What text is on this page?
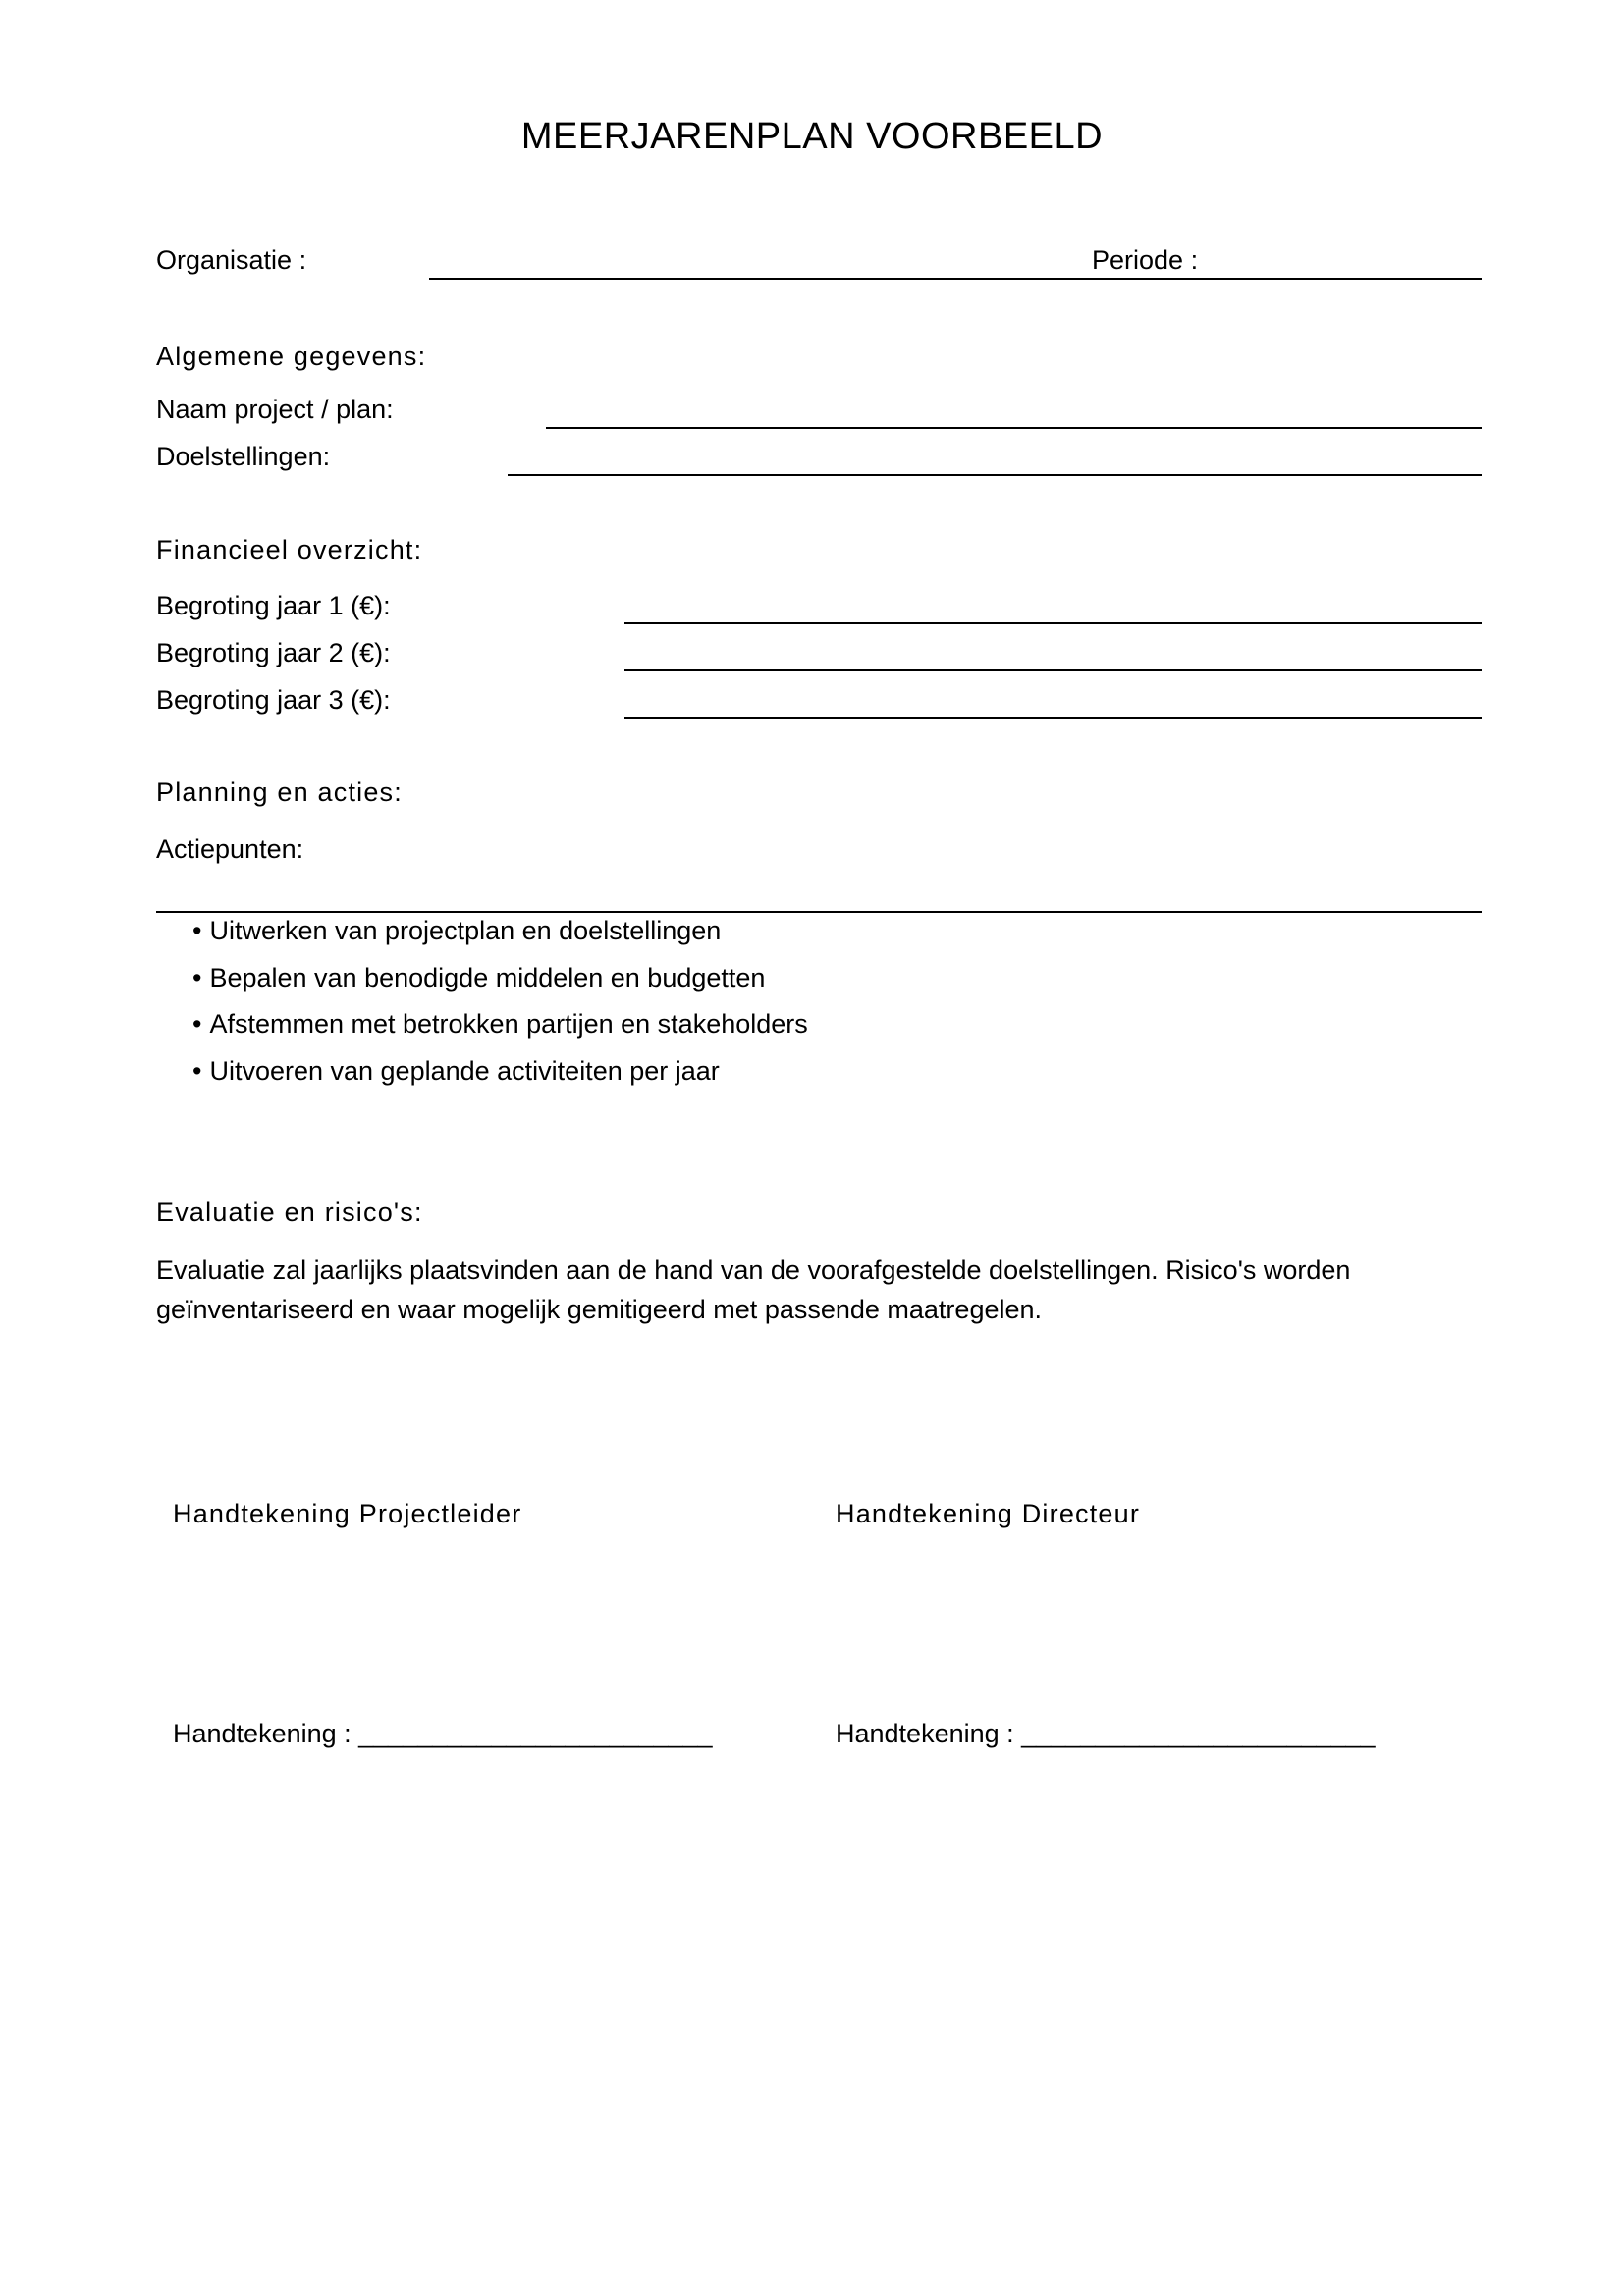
MEERJARENPLAN VOORBEELD
Organisatie :	Periode :
Algemene gegevens:
Naam project / plan:
Doelstellingen:
Financieel overzicht:
Begroting jaar 1 (€):
Begroting jaar 2 (€):
Begroting jaar 3 (€):
Planning en acties:
Actiepunten:
• Uitwerken van projectplan en doelstellingen
• Bepalen van benodigde middelen en budgetten
• Afstemmen met betrokken partijen en stakeholders
• Uitvoeren van geplande activiteiten per jaar
Evaluatie en risico's:
Evaluatie zal jaarlijks plaatsvinden aan de hand van de voorafgestelde doelstellingen. Risico's worden geïnventariseerd en waar mogelijk gemitigeerd met passende maatregelen.
Handtekening Projectleider	Handtekening Directeur
Handtekening : ________________________	Handtekening : ________________________
